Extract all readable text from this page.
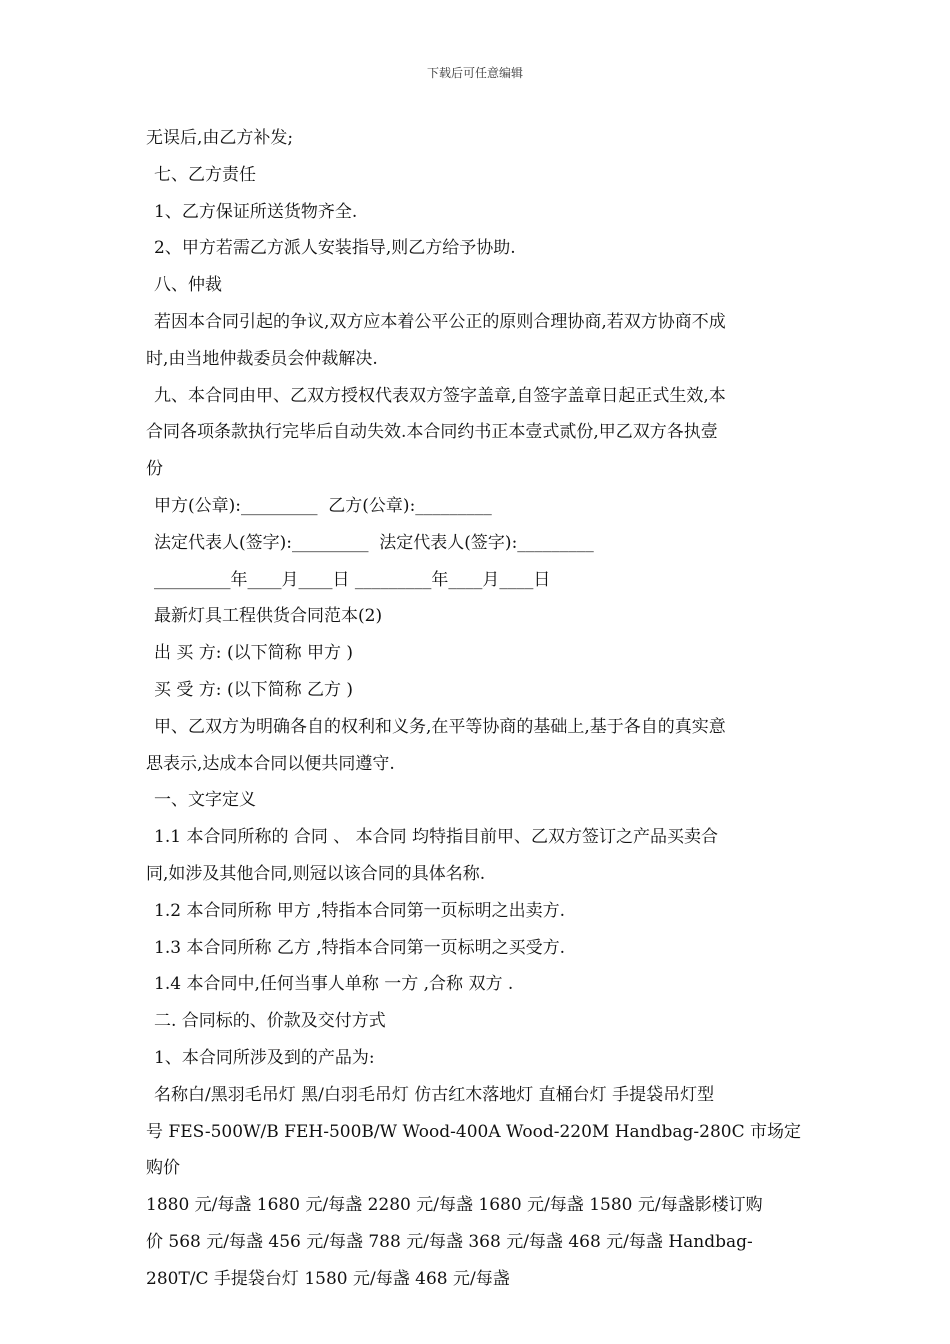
下载后可任意编辑

无误后,由乙方补发;

七、乙方责任

1、乙方保证所送货物齐全.

2、甲方若需乙方派人安装指导,则乙方给予协助.

八、仲裁

若因本合同引起的争议,双方应本着公平公正的原则合理协商,若双方协商不成

时,由当地仲裁委员会仲裁解决.

九、本合同由甲、乙双方授权代表双方签字盖章,自签字盖章日起正式生效,本

合同各项条款执行完毕后自动失效.本合同约书正本壹式贰份,甲乙双方各执壹

份

甲方(公章):_________  乙方(公章):_________

法定代表人(签字):_________  法定代表人(签字):_________

_________年____月____日 _________年____月____日

最新灯具工程供货合同范本(2)

出 买 方: (以下简称 甲方 )

买 受 方: (以下简称 乙方 )

甲、乙双方为明确各自的权利和义务,在平等协商的基础上,基于各自的真实意

思表示,达成本合同以便共同遵守.

一、文字定义

1.1 本合同所称的 合同 、 本合同 均特指目前甲、乙双方签订之产品买卖合

同,如涉及其他合同,则冠以该合同的具体名称.

1.2 本合同所称 甲方 ,特指本合同第一页标明之出卖方.

1.3 本合同所称 乙方 ,特指本合同第一页标明之买受方.

1.4 本合同中,任何当事人单称 一方 ,合称 双方 .

二. 合同标的、价款及交付方式

1、本合同所涉及到的产品为:

名称白/黑羽毛吊灯 黑/白羽毛吊灯 仿古红木落地灯 直桶台灯 手提袋吊灯型

号 FES-500W/B FEH-500B/W Wood-400A Wood-220M Handbag-280C 市场定购价

1880 元/每盏 1680 元/每盏 2280 元/每盏 1680 元/每盏 1580 元/每盏影楼订购

价 568 元/每盏 456 元/每盏 788 元/每盏 368 元/每盏 468 元/每盏 Handbag-

280T/C 手提袋台灯 1580 元/每盏 468 元/每盏
